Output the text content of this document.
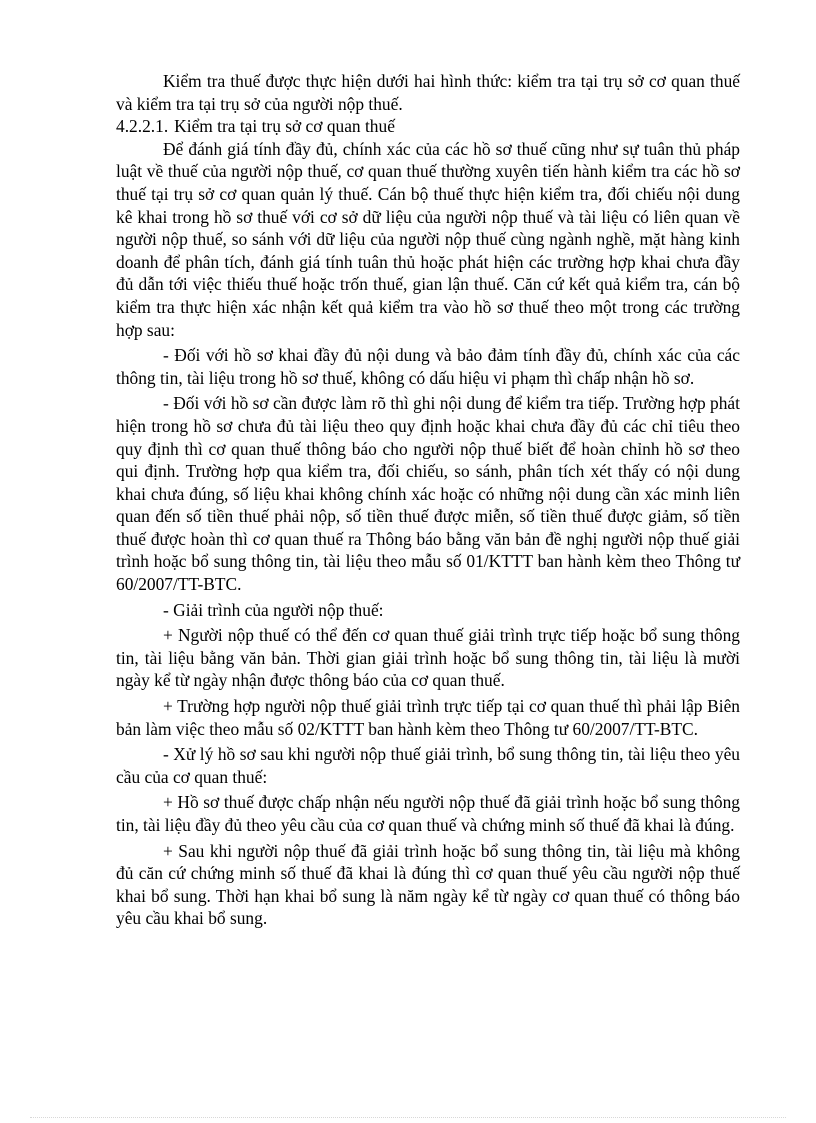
Kiểm tra thuế được thực hiện dưới hai hình thức: kiểm tra tại trụ sở cơ quan thuế và kiểm tra tại trụ sở của người nộp thuế.

4.2.2.1. Kiểm tra tại trụ sở cơ quan thuế

Để đánh giá tính đầy đủ, chính xác của các hồ sơ thuế cũng như sự tuân thủ pháp luật về thuế của người nộp thuế, cơ quan thuế thường xuyên tiến hành kiểm tra các hồ sơ thuế tại trụ sở cơ quan quản lý thuế. Cán bộ thuế thực hiện kiểm tra, đối chiếu nội dung kê khai trong hồ sơ thuế với cơ sở dữ liệu của người nộp thuế và tài liệu có liên quan về người nộp thuế, so sánh với dữ liệu của người nộp thuế cùng ngành nghề, mặt hàng kinh doanh để phân tích, đánh giá tính tuân thủ hoặc phát hiện các trường hợp khai chưa đầy đủ dẫn tới việc thiếu thuế hoặc trốn thuế, gian lận thuế. Căn cứ kết quả kiểm tra, cán bộ kiểm tra thực hiện xác nhận kết quả kiểm tra vào hồ sơ thuế theo một trong các trường hợp sau:

- Đối với hồ sơ khai đầy đủ nội dung và bảo đảm tính đầy đủ, chính xác của các thông tin, tài liệu trong hồ sơ thuế, không có dấu hiệu vi phạm thì chấp nhận hồ sơ.

- Đối với hồ sơ cần được làm rõ thì ghi nội dung để kiểm tra tiếp. Trường hợp phát hiện trong hồ sơ chưa đủ tài liệu theo quy định hoặc khai chưa đầy đủ các chỉ tiêu theo quy định thì cơ quan thuế thông báo cho người nộp thuế biết để hoàn chỉnh hồ sơ theo qui định. Trường hợp qua kiểm tra, đối chiếu, so sánh, phân tích xét thấy có nội dung khai chưa đúng, số liệu khai không chính xác hoặc có những nội dung cần xác minh liên quan đến số tiền thuế phải nộp, số tiền thuế được miễn, số tiền thuế được giảm, số tiền thuế được hoàn thì cơ quan thuế ra Thông báo bằng văn bản đề nghị người nộp thuế giải trình hoặc bổ sung thông tin, tài liệu theo mẫu số 01/KTTT ban hành kèm theo Thông tư 60/2007/TT-BTC.

- Giải trình của người nộp thuế:

+ Người nộp thuế có thể đến cơ quan thuế giải trình trực tiếp hoặc bổ sung thông tin, tài liệu bằng văn bản. Thời gian giải trình hoặc bổ sung thông tin, tài liệu là mười ngày kể từ ngày nhận được thông báo của cơ quan thuế.

+ Trường hợp người nộp thuế giải trình trực tiếp tại cơ quan thuế thì phải lập Biên bản làm việc theo mẫu số 02/KTTT ban hành kèm theo Thông tư 60/2007/TT-BTC.

- Xử lý hồ sơ sau khi người nộp thuế giải trình, bổ sung thông tin, tài liệu theo yêu cầu của cơ quan thuế:

+ Hồ sơ thuế được chấp nhận nếu người nộp thuế đã giải trình hoặc bổ sung thông tin, tài liệu đầy đủ theo yêu cầu của cơ quan thuế và chứng minh số thuế đã khai là đúng.

+ Sau khi người nộp thuế đã giải trình hoặc bổ sung thông tin, tài liệu mà không đủ căn cứ chứng minh số thuế đã khai là đúng thì cơ quan thuế yêu cầu người nộp thuế khai bổ sung. Thời hạn khai bổ sung là năm ngày kể từ ngày cơ quan thuế có thông báo yêu cầu khai bổ sung.
